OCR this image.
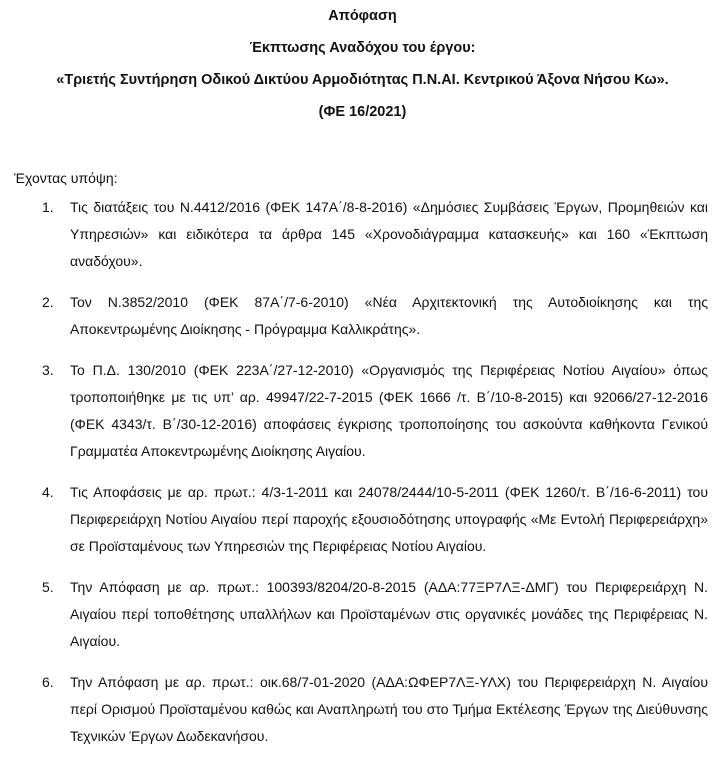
Απόφαση
Έκπτωσης Αναδόχου του έργου:
«Τριετής Συντήρηση Οδικού Δικτύου Αρμοδιότητας Π.Ν.ΑΙ. Κεντρικού Άξονα Νήσου Κω».
(ΦΕ 16/2021)
Έχοντας υπόψη:
1. Τις διατάξεις του Ν.4412/2016 (ΦΕΚ 147Α΄/8-8-2016) «Δημόσιες Συμβάσεις Έργων, Προμηθειών και Υπηρεσιών» και ειδικότερα τα άρθρα 145 «Χρονοδιάγραμμα κατασκευής» και 160 «Έκπτωση αναδόχου».
2. Τον Ν.3852/2010 (ΦΕΚ 87Α΄/7-6-2010) «Νέα Αρχιτεκτονική της Αυτοδιοίκησης και της Αποκεντρωμένης Διοίκησης - Πρόγραμμα Καλλικράτης».
3. Το Π.Δ. 130/2010 (ΦΕΚ 223Α΄/27-12-2010) «Οργανισμός της Περιφέρειας Νοτίου Αιγαίου» όπως τροποποιήθηκε με τις υπ’ αρ. 49947/22-7-2015 (ΦΕΚ 1666 /τ. Β΄/10-8-2015) και 92066/27-12-2016 (ΦΕΚ 4343/τ. Β΄/30-12-2016) αποφάσεις έγκρισης τροποποίησης του ασκούντα καθήκοντα Γενικού Γραμματέα Αποκεντρωμένης Διοίκησης Αιγαίου.
4. Τις Αποφάσεις με αρ. πρωτ.: 4/3-1-2011 και 24078/2444/10-5-2011 (ΦΕΚ 1260/τ. Β΄/16-6-2011) του Περιφερειάρχη Νοτίου Αιγαίου περί παροχής εξουσιοδότησης υπογραφής «Με Εντολή Περιφερειάρχη» σε Προϊσταμένους των Υπηρεσιών της Περιφέρειας Νοτίου Αιγαίου.
5. Την Απόφαση με αρ. πρωτ.: 100393/8204/20-8-2015 (ΑΔΑ:77ΞΡ7ΛΞ-ΔΜΓ) του Περιφερειάρχη Ν. Αιγαίου περί τοποθέτησης υπαλλήλων και Προϊσταμένων στις οργανικές μονάδες της Περιφέρειας Ν. Αιγαίου.
6. Την Απόφαση με αρ. πρωτ.: οικ.68/7-01-2020 (ΑΔΑ:ΩΦΕΡ7ΛΞ-ΥΛΧ) του Περιφερειάρχη Ν. Αιγαίου περί Ορισμού Προϊσταμένου καθώς και Αναπληρωτή του στο Τμήμα Εκτέλεσης Έργων της Διεύθυνσης Τεχνικών Έργων Δωδεκανήσου.
